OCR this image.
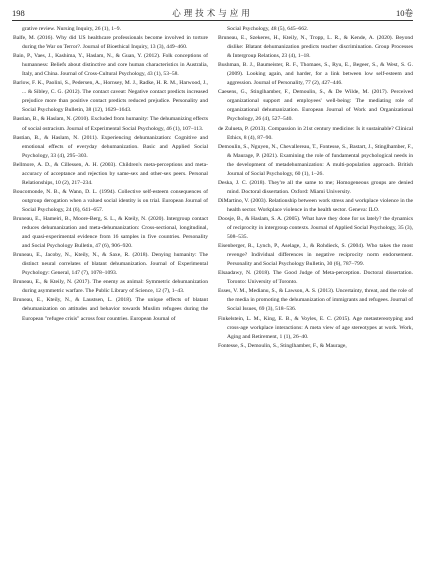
198	心理技术与应用	10卷

grative review. Nursing Inquiry, 26 (1), 1–9.

Balfe, M. (2016). Why did US healthcare professionals become involved in torture during the War on Terror?. Journal of Bioethical Inquiry, 13 (3), 449–460.

Bain, P., Vaes, J., Kashima, Y., Haslam, N., & Guan, Y. (2012). Folk conceptions of humanness: Beliefs about distinctive and core human characteristics in Australia, Italy, and China. Journal of Cross-Cultural Psychology, 43 (1), 53–58.

Barlow, F. K., Paolini, S., Pedersen, A., Hornsey, M. J., Radke, H. R. M., Harwood, J., ... & Sibley, C. G. (2012). The contact caveat: Negative contact predicts increased prejudice more than positive contact predicts reduced prejudice. Personality and Social Psychology Bulletin, 38 (12), 1629–1643.

Bastian, B., & Haslam, N. (2010). Excluded from humanity: The dehumanizing effects of social ostracism. Journal of Experimental Social Psychology, 46 (1), 107–113.

Bastian, B., & Haslam, N. (2011). Experiencing dehumanization: Cognitive and emotional effects of everyday dehumanization. Basic and Applied Social Psychology, 33 (4), 295–303.

Bellmore, A. D., & Cillessen, A. H. (2003). Children's meta-perceptions and meta-accuracy of acceptance and rejection by same-sex and other-sex peers. Personal Relationships, 10 (2), 217–234.

Boucomonde, N. B., & Wann, D. L. (1994). Collective self-esteem consequences of outgroup derogation when a valued social identity is on trial. European Journal of Social Psychology, 24 (6), 641–657.

Bruneau, E., Hameiri, B., Moore-Berg, S. L., & Kteily, N. (2020). Intergroup contact reduces dehumanization and meta-dehumanization: Cross-sectional, longitudinal, and quasi-experimental evidence from 16 samples in five countries. Personality and Social Psychology Bulletin, 47 (6), 906–920.

Bruneau, E., Jacoby, N., Kteily, N., & Saxe, R. (2018). Denying humanity: The distinct neural correlates of blatant dehumanization. Journal of Experimental Psychology: General, 147 (7), 1078–1093.

Bruneau, E., & Kteily, N. (2017). The enemy as animal: Symmetric dehumanization during asymmetric warfare. The Public Library of Science, 12 (7), 1–43.

Bruneau, E., Kteily, N., & Laustsen, L. (2018). The unique effects of blatant dehumanization on attitudes and behavior towards Muslim refugees during the European "refugee crisis" across four countries. European Journal of

Social Psychology, 48 (5), 645–662.

Bruneau, E., Szekeres, H., Kteily, N., Tropp, L. R., & Kende, A. (2020). Beyond dislike: Blatant dehumanization predicts teacher discrimination. Group Processes & Intergroup Relations, 23 (4), 1–18.

Bushman, B. J., Baumeister, R. F., Thomaes, S., Ryu, E., Begeer, S., & West, S. G. (2009). Looking again, and harder, for a link between low self-esteem and aggression. Journal of Personality, 77 (2), 427–446.

Caesens, G., Stinglhamber, F., Demoulin, S., & De Wilde, M. (2017). Perceived organizational support and employees' well-being: The mediating role of organizational dehumanization. European Journal of Work and Organizational Psychology, 26 (4), 527–540.

de Zulueta, P. (2013). Compassion in 21st century medicine: Is it sustainable? Clinical Ethics, 8 (4), 87–90.

Demoulin, S., Nguyen, N., Chevallereau, T., Fontesse, S., Bastart, J., Stinglhamber, F., & Maurage, P. (2021). Examining the role of fundamental psychological needs in the development of metadehumanization: A multi-population approach. British Journal of Social Psychology, 60 (1), 1–26.

Deska, J. C. (2018). They're all the same to me; Homogeneous groups are denied mind. Doctoral dissertation. Oxford: Miami University.

DiMartino, V. (2003). Relationship between work stress and workplace violence in the health sector. Workplace violence in the health sector. Geneva: ILO.

Doosje, B., & Haslam, S. A. (2005). What have they done for us lately? the dynamics of reciprocity in intergroup contexts. Journal of Applied Social Psychology, 35 (3), 508–535.

Eisenberger, R., Lynch, P., Aselage, J., & Rohdieck, S. (2004). Who takes the most revenge? Individual differences in negative reciprocity norm endorsement. Personality and Social Psychology Bulletin, 30 (6), 787–799.

Elsaadawy, N. (2018). The Good Judge of Meta-perception. Doctoral dissertation. Toronto: University of Toronto.

Esses, V. M., Medianu, S., & Lawson, A. S. (2013). Uncertainty, threat, and the role of the media in promoting the dehumanization of immigrants and refugees. Journal of Social Issues, 69 (3), 518–536.

Finkelstein, L. M., King, E. B., & Voyles, E. C. (2015). Age metastereotyping and cross-age workplace interactions: A meta view of age stereotypes at work. Work, Aging and Retirement, 1 (1), 26–40.

Fontesse, S., Demoulin, S., Stinglhamber, F., & Maurage,
